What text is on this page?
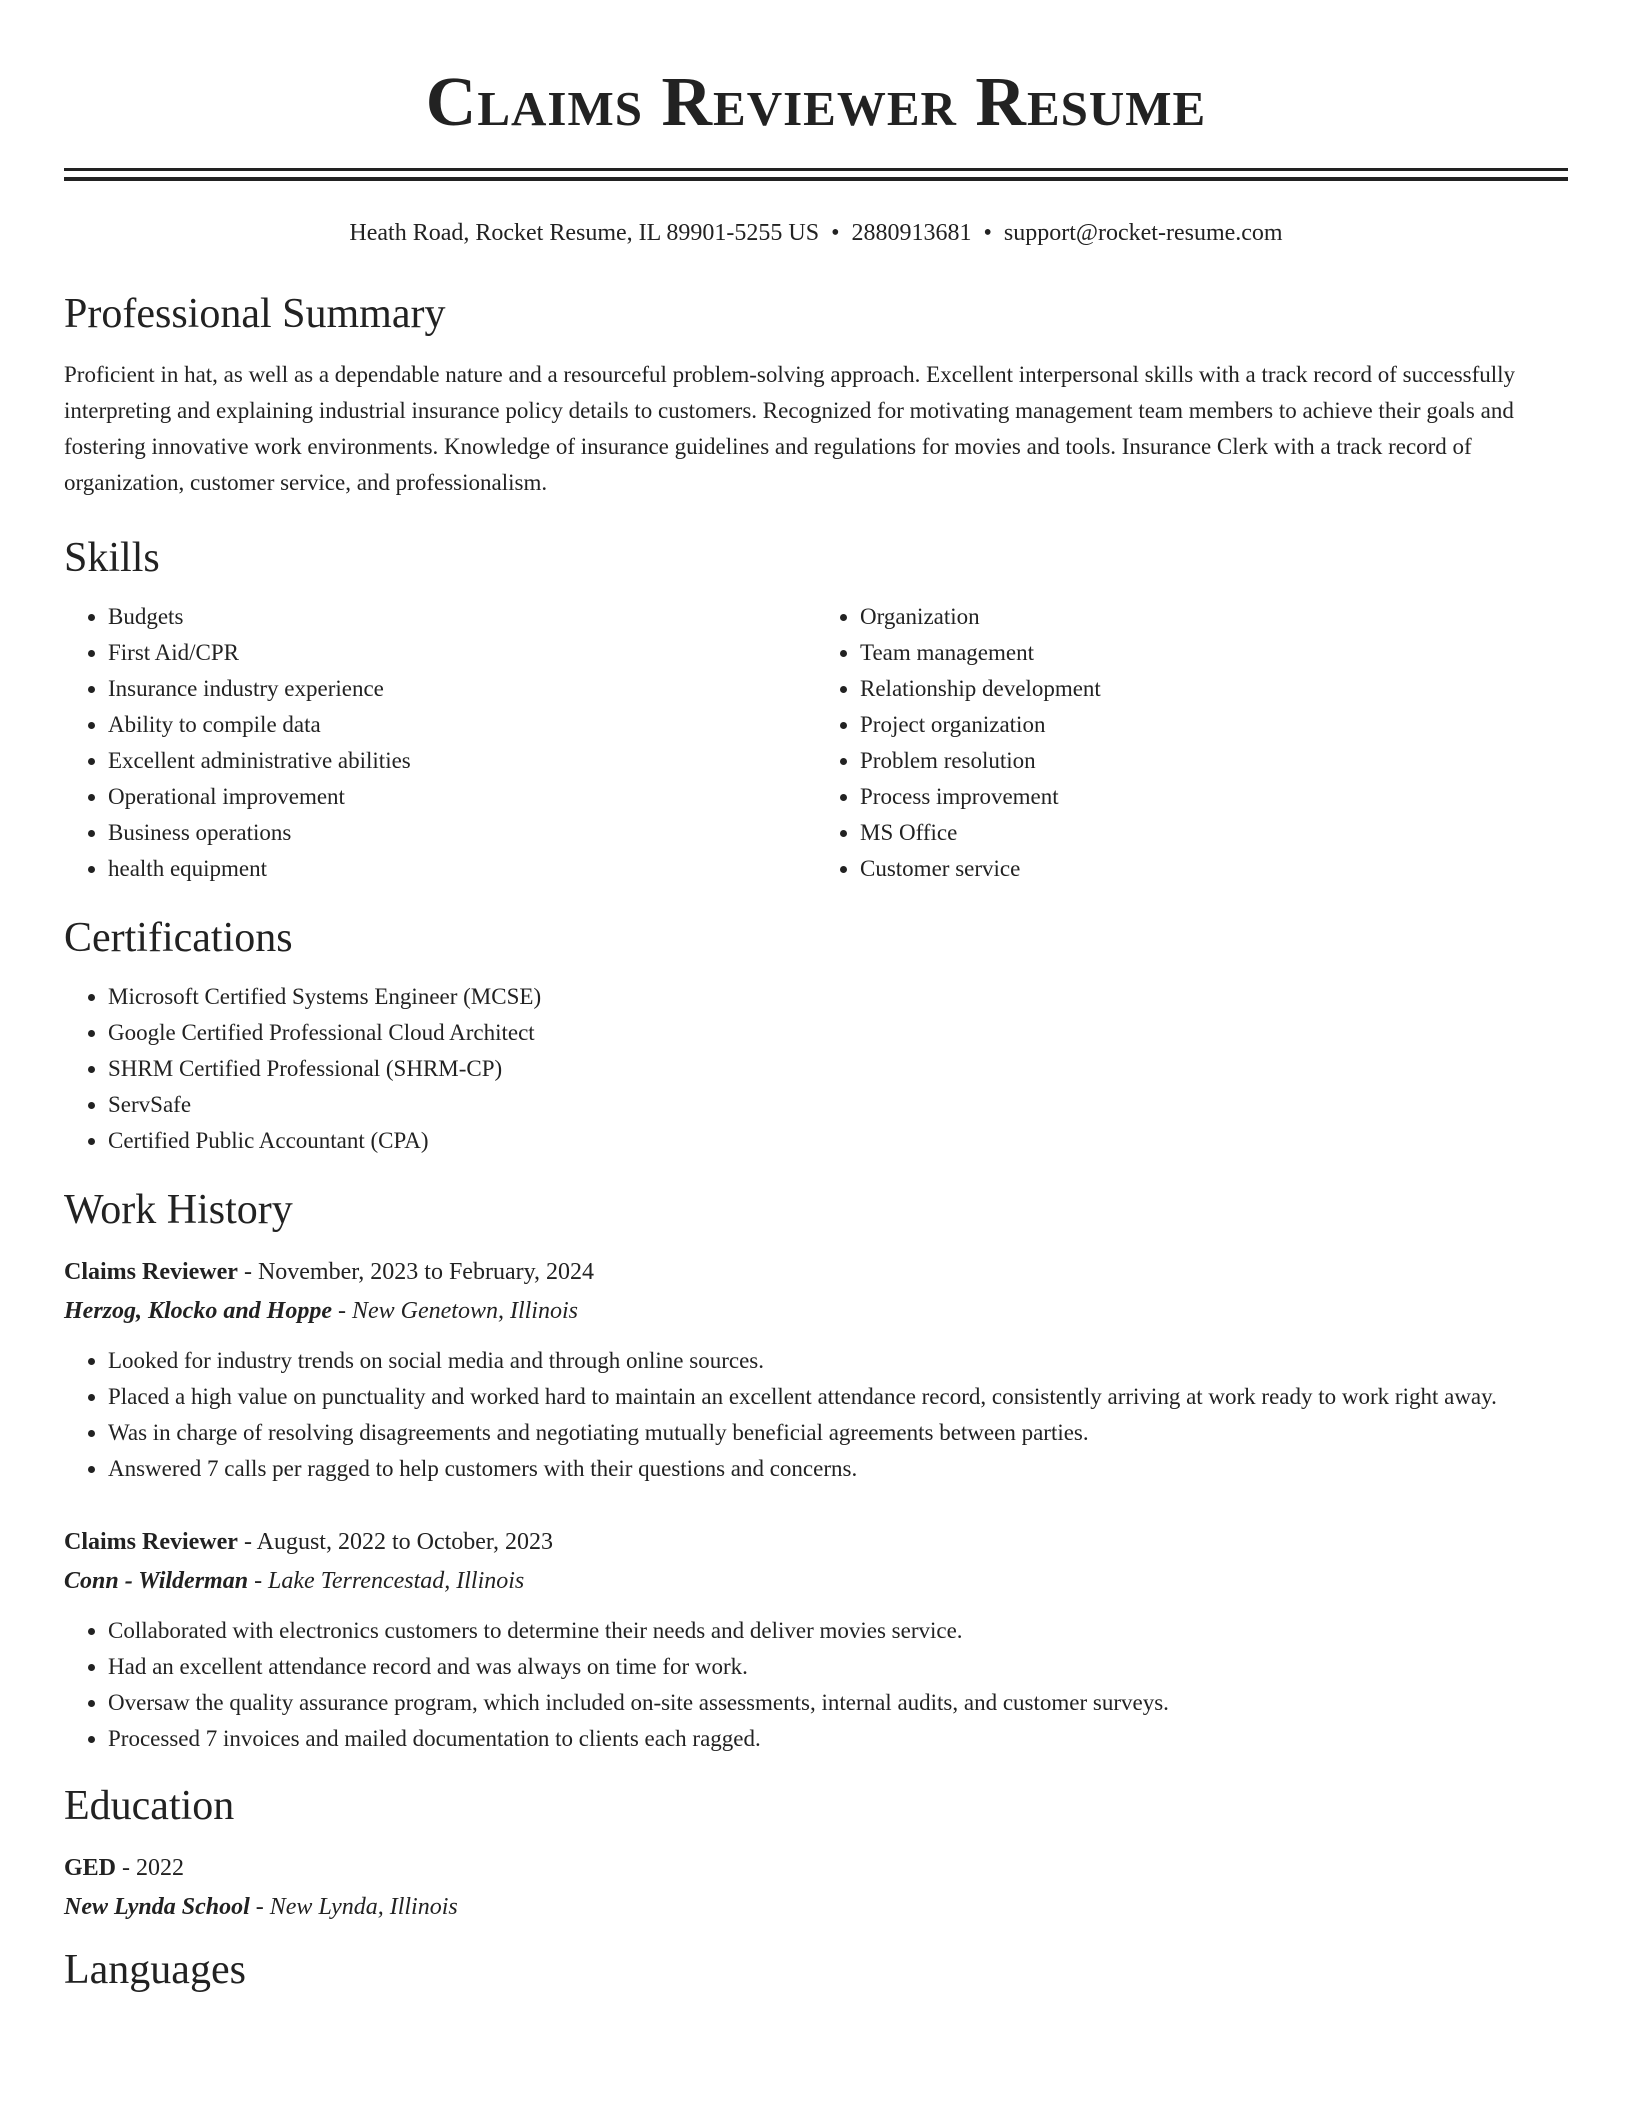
Claims Reviewer Resume
Heath Road, Rocket Resume, IL 89901-5255 US • 2880913681 • support@rocket-resume.com
Professional Summary

Proficient in hat, as well as a dependable nature and a resourceful problem-solving approach. Excellent interpersonal skills with a track record of successfully interpreting and explaining industrial insurance policy details to customers. Recognized for motivating management team members to achieve their goals and fostering innovative work environments. Knowledge of insurance guidelines and regulations for movies and tools. Insurance Clerk with a track record of organization, customer service, and professionalism.

Skills
• Budgets
• First Aid/CPR
• Insurance industry experience
• Ability to compile data
• Excellent administrative abilities
• Operational improvement
• Business operations
• health equipment
• Organization
• Team management
• Relationship development
• Project organization
• Problem resolution
• Process improvement
• MS Office
• Customer service
Certifications
• Microsoft Certified Systems Engineer (MCSE)
• Google Certified Professional Cloud Architect
• SHRM Certified Professional (SHRM-CP)
• ServSafe
• Certified Public Accountant (CPA)
Work History
Claims Reviewer - November, 2023 to February, 2024
Herzog, Klocko and Hoppe - New Genetown, Illinois
• Looked for industry trends on social media and through online sources.
• Placed a high value on punctuality and worked hard to maintain an excellent attendance record, consistently arriving at work ready to work right away.
• Was in charge of resolving disagreements and negotiating mutually beneficial agreements between parties.
• Answered 7 calls per ragged to help customers with their questions and concerns.
Claims Reviewer - August, 2022 to October, 2023
Conn - Wilderman - Lake Terrencestad, Illinois
• Collaborated with electronics customers to determine their needs and deliver movies service.
• Had an excellent attendance record and was always on time for work.
• Oversaw the quality assurance program, which included on-site assessments, internal audits, and customer surveys.
• Processed 7 invoices and mailed documentation to clients each ragged.
Education
GED - 2022
New Lynda School - New Lynda, Illinois
Languages
